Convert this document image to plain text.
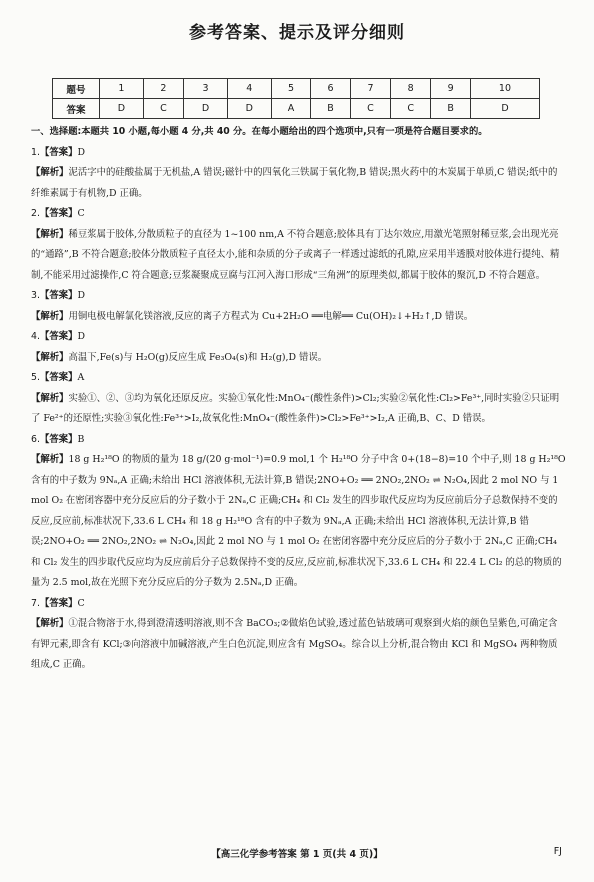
参考答案、提示及评分细则
题号	1	2	3	4	5	6	7	8	9	10
答案	D	C	D	D	A	B	C	C	B	D

一、选择题:本题共 10 小题,每小题 4 分,共 40 分。在每小题给出的四个选项中,只有一项是符合题目要求的。

1.【答案】D

【解析】泥活字中的硅酸盐属于无机盐,A 错误;磁针中的四氧化三铁属于氧化物,B 错误;黑火药中的木炭属于单质,C 错误;纸中的纤维素属于有机物,D 正确。

2.【答案】C

【解析】稀豆浆属于胶体,分散质粒子的直径为 1~100 nm,A 不符合题意;胶体具有丁达尔效应,用激光笔照射稀豆浆,会出现光亮的“通路”,B 不符合题意;胶体分散质粒子直径太小,能和杂质的分子或离子一样透过滤纸的孔隙,应采用半透膜对胶体进行提纯、精制,不能采用过滤操作,C 符合题意;豆浆凝聚成豆腐与江河入海口形成“三角洲”的原理类似,都属于胶体的聚沉,D 不符合题意。

3.【答案】D

【解析】用铜电极电解氯化镁溶液,反应的离子方程式为 Cu+2H₂O ══电解══ Cu(OH)₂↓+H₂↑,D 错误。

4.【答案】D

【解析】高温下,Fe(s)与 H₂O(g)反应生成 Fe₃O₄(s)和 H₂(g),D 错误。

5.【答案】A

【解析】实验①、②、③均为氧化还原反应。实验①氧化性:MnO₄⁻(酸性条件)>Cl₂;实验②氧化性:Cl₂>Fe³⁺,同时实验②只证明了 Fe²⁺的还原性;实验③氧化性:Fe³⁺>I₂,故氧化性:MnO₄⁻(酸性条件)>Cl₂>Fe³⁺>I₂,A 正确,B、C、D 错误。

6.【答案】B

【解析】18 g H₂¹⁸O 的物质的量为 18 g/(20 g·mol⁻¹)=0.9 mol,1 个 H₂¹⁸O 分子中含 0+(18−8)=10 个中子,则 18 g H₂¹⁸O 含有的中子数为 9Nₐ,A 正确;未给出 HCl 溶液体积,无法计算,B 错误;2NO+O₂ ══ 2NO₂,2NO₂ ⇌ N₂O₄,因此 2 mol NO 与 1 mol O₂ 在密闭容器中充分反应后的分子数小于 2Nₐ,C 正确;CH₄ 和 Cl₂ 发生的四步取代反应均为反应前后分子总数保持不变的反应,反应前,标准状况下,33.6 L CH₄ 和 18 g H₂¹⁸O 含有的中子数为 9Nₐ,A 正确;未给出 HCl 溶液体积,无法计算,B 错误;2NO+O₂ ══ 2NO₂,2NO₂ ⇌ N₂O₄,因此 2 mol NO 与 1 mol O₂ 在密闭容器中充分反应后的分子数小于 2Nₐ,C 正确;CH₄ 和 Cl₂ 发生的四步取代反应均为反应前后分子总数保持不变的反应,反应前,标准状况下,33.6 L CH₄ 和 22.4 L Cl₂ 的总的物质的量为 2.5 mol,故在光照下充分反应后的分子数为 2.5Nₐ,D 正确。

7.【答案】C

【解析】①混合物溶于水,得到澄清透明溶液,则不含 BaCO₃;②做焰色试验,透过蓝色钴玻璃可观察到火焰的颜色呈紫色,可确定含有钾元素,即含有 KCl;③向溶液中加碱溶液,产生白色沉淀,则应含有 MgSO₄。综合以上分析,混合物由 KCl 和 MgSO₄ 两种物质组成,C 正确。

【高三化学参考答案 第 1 页(共 4 页)】	FJ
